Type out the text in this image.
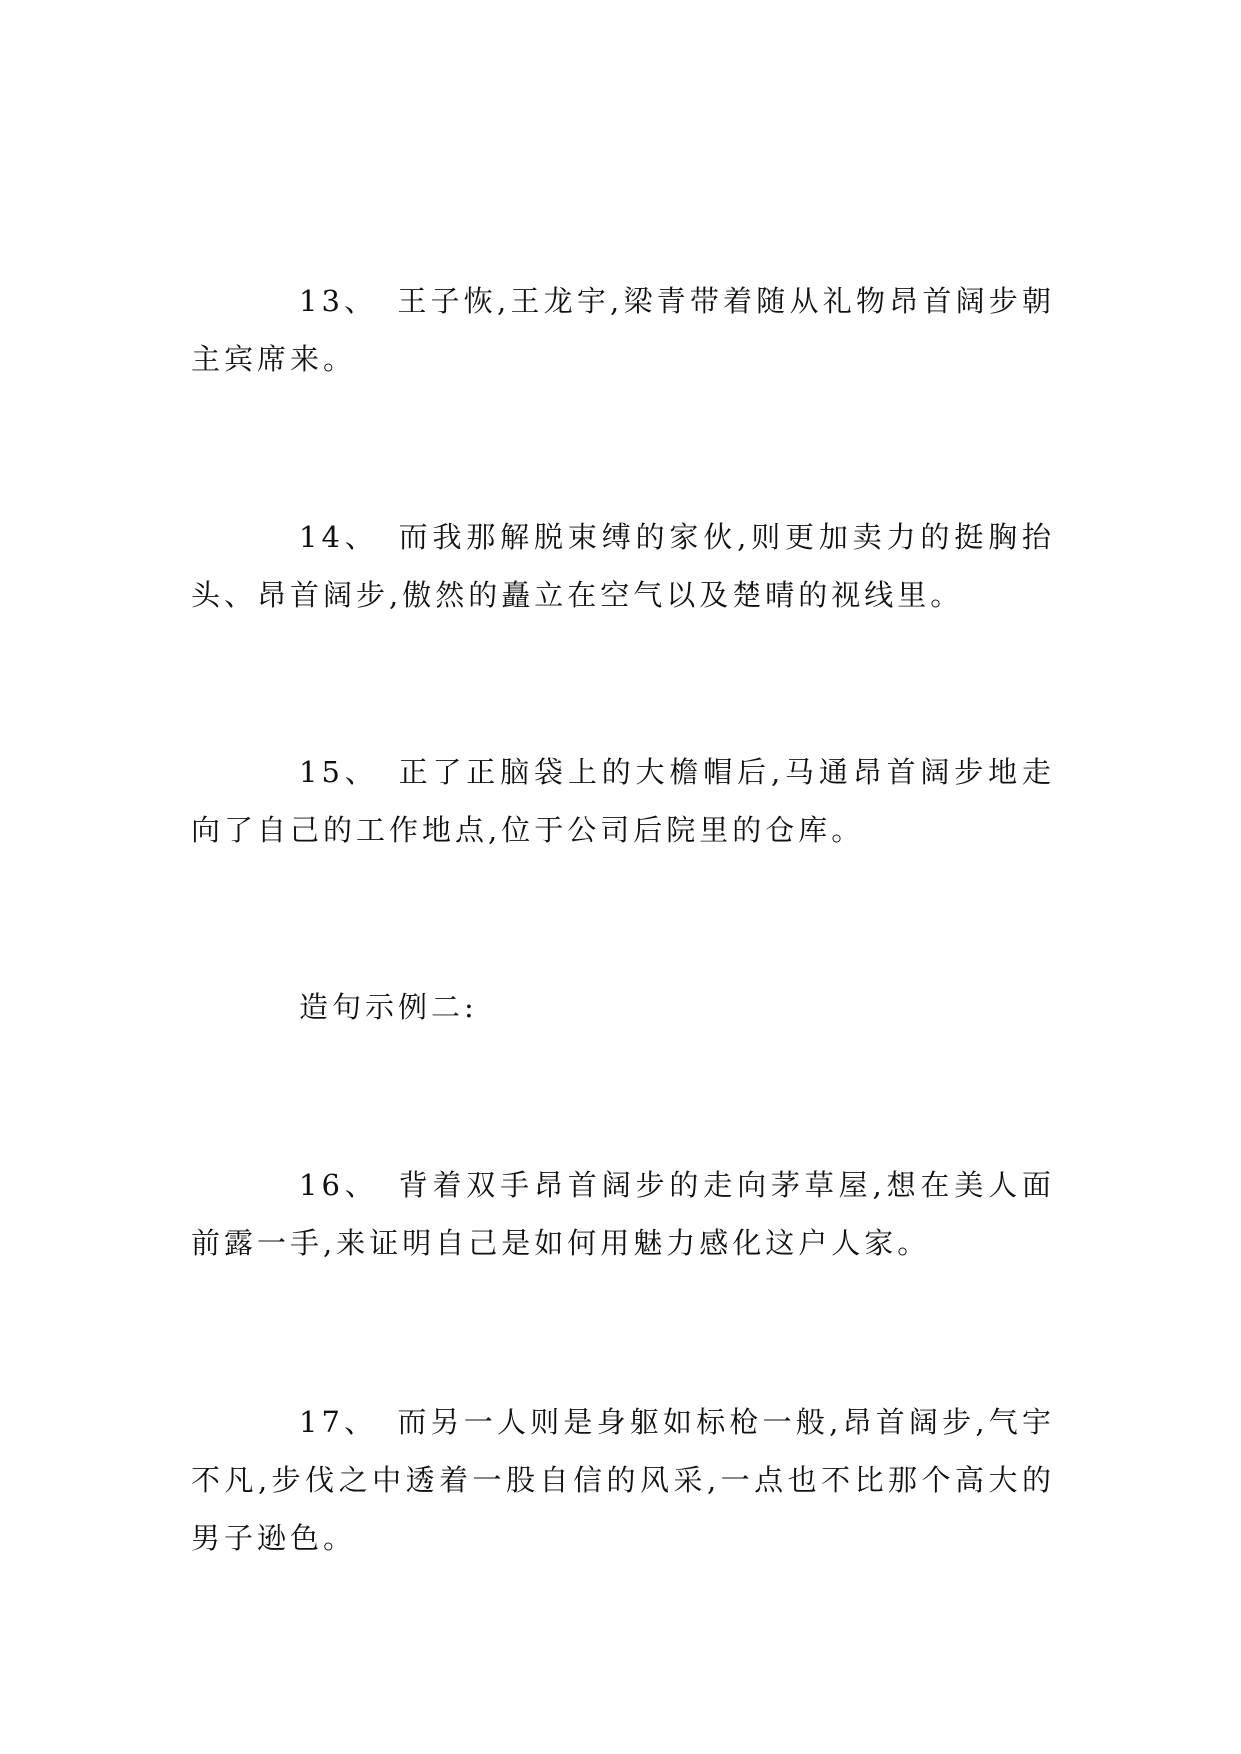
13、 王子恢,王龙宇,梁青带着随从礼物昂首阔步朝主宾席来。

14、 而我那解脱束缚的家伙,则更加卖力的挺胸抬头、昂首阔步,傲然的矗立在空气以及楚晴的视线里。

15、 正了正脑袋上的大檐帽后,马通昂首阔步地走向了自己的工作地点,位于公司后院里的仓库。

造句示例二:

16、 背着双手昂首阔步的走向茅草屋,想在美人面前露一手,来证明自己是如何用魅力感化这户人家。

17、 而另一人则是身躯如标枪一般,昂首阔步,气宇不凡,步伐之中透着一股自信的风采,一点也不比那个高大的男子逊色。
